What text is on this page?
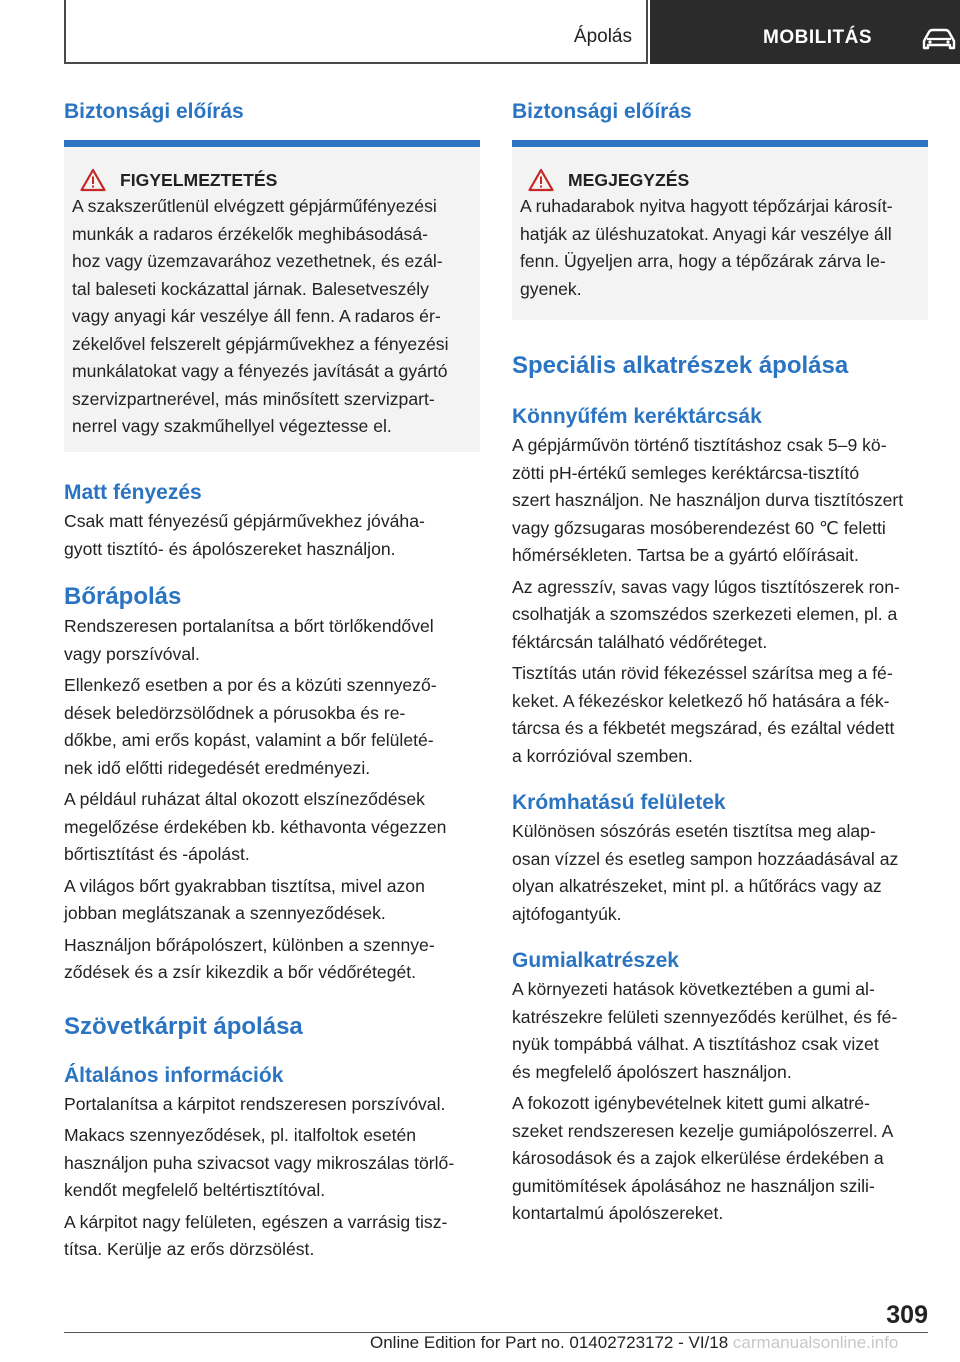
Ápolás	MOBILITÁS
Biztonsági előírás
FIGYELMEZTETÉS

A szakszerűtlenül elvégzett gépjárműfényezési
munkák a radaros érzékelők meghibásodásá-
hoz vagy üzemzavarához vezethetnek, és ezál-
tal baleseti kockázattal járnak. Balesetveszély
vagy anyagi kár veszélye áll fenn. A radaros ér-
zékelővel felszerelt gépjárművekhez a fényezési
munkálatokat vagy a fényezés javítását a gyártó
szervizpartnerével, más minősített szervizpart-
nerrel vagy szakműhellyel végeztesse el.

Matt fényezés

Csak matt fényezésű gépjárművekhez jóváha-
gyott tisztító- és ápolószereket használjon.

Bőrápolás

Rendszeresen portalanítsa a bőrt törlőkendővel
vagy porszívóval.

Ellenkező esetben a por és a közúti szennyező-
dések beledörzsölődnek a pórusokba és re-
dőkbe, ami erős kopást, valamint a bőr felületé-
nek idő előtti ridegedését eredményezi.

A például ruházat által okozott elszíneződések
megelőzése érdekében kb. kéthavonta végezzen
bőrtisztítást és -ápolást.

A világos bőrt gyakrabban tisztítsa, mivel azon
jobban meglátszanak a szennyeződések.

Használjon bőrápolószert, különben a szennye-
ződések és a zsír kikezdik a bőr védőrétegét.

Szövetkárpit ápolása
Általános információk

Portalanítsa a kárpitot rendszeresen porszívóval.

Makacs szennyeződések, pl. italfoltok esetén
használjon puha szivacsot vagy mikroszálas törlő-
kendőt megfelelő beltértisztítóval.

A kárpitot nagy felületen, egészen a varrásig tisz-
títsa. Kerülje az erős dörzsölést.

Biztonsági előírás
MEGJEGYZÉS

A ruhadarabok nyitva hagyott tépőzárjai károsít-
hatják az üléshuzatokat. Anyagi kár veszélye áll
fenn. Ügyeljen arra, hogy a tépőzárak zárva le-
gyenek.

Speciális alkatrészek ápolása
Könnyűfém keréktárcsák

A gépjárművön történő tisztításhoz csak 5–9 kö-
zötti pH-értékű semleges keréktárcsa-tisztító
szert használjon. Ne használjon durva tisztítószert
vagy gőzsugaras mosóberendezést 60 ℃ feletti
hőmérsékleten. Tartsa be a gyártó előírásait.

Az agresszív, savas vagy lúgos tisztítószerek ron-
csolhatják a szomszédos szerkezeti elemen, pl. a
féktárcsán található védőréteget.

Tisztítás után rövid fékezéssel szárítsa meg a fé-
keket. A fékezéskor keletkező hő hatására a fék-
tárcsa és a fékbetét megszárad, és ezáltal védett
a korrózióval szemben.

Krómhatású felületek

Különösen sószórás esetén tisztítsa meg alap-
osan vízzel és esetleg sampon hozzáadásával az
olyan alkatrészeket, mint pl. a hűtőrács vagy az
ajtófogantyúk.

Gumialkatrészek

A környezeti hatások következtében a gumi al-
katrészekre felületi szennyeződés kerülhet, és fé-
nyük tompábbá válhat. A tisztításhoz csak vizet
és megfelelő ápolószert használjon.

A fokozott igénybevételnek kitett gumi alkatré-
szeket rendszeresen kezelje gumiápolószerrel. A
károsodások és a zajok elkerülése érdekében a
gumitömítések ápolásához ne használjon szili-
kontartalmú ápolószereket.

309
Online Edition for Part no. 01402723172 - VI/18 carmanualsonline.info
